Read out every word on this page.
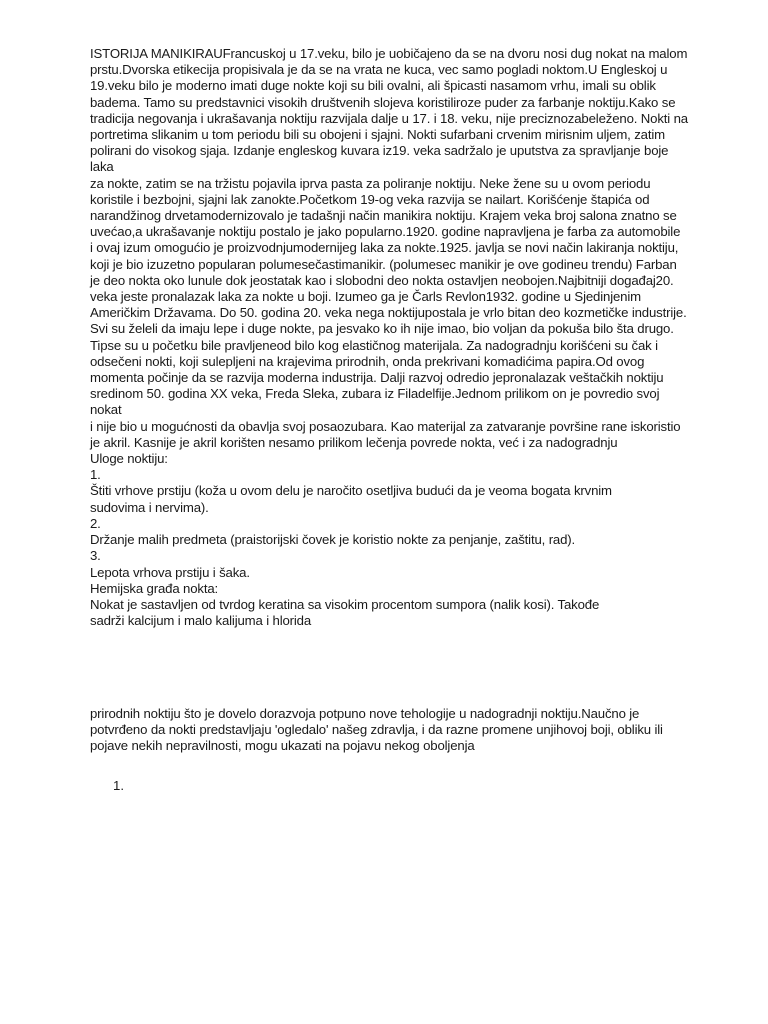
ISTORIJA MANIKIRAUFrancuskoj u 17.veku, bilo je uobičajeno da se na dvoru nosi dug nokat na malom
prstu.Dvorska etikecija propisivala je da se na vrata ne kuca, vec samo pogladi noktom.U Engleskoj u
19.veku bilo je moderno imati duge nokte koji su bili ovalni, ali špicasti nasamom vrhu, imali su oblik
badema. Tamo su predstavnici visokih društvenih slojeva koristiliroze puder za farbanje noktiju.Kako se
tradicija negovanja i ukrašavanja noktiju razvijala dalje u 17. i 18. veku, nije preciznozabeleženo. Nokti na
portretima slikanim u tom periodu bili su obojeni i sjajni. Nokti sufarbani crvenim mirisnim uljem, zatim
polirani do visokog sjaja. Izdanje engleskog kuvara iz19. veka sadržalo je uputstva za spravljanje boje laka
za nokte, zatim se na tržistu pojavila iprva pasta za poliranje noktiju. Neke žene su u ovom periodu
koristile i bezbojni, sjajni lak zanokte.Početkom 19-og veka razvija se nailart. Korišćenje štapića od
narandžinog drvetamodernizovalo je tadašnji način manikira noktiju. Krajem veka broj salona znatno se
uvećao,a ukrašavanje noktiju postalo je jako popularno.1920. godine napravljena je farba za automobile
i ovaj izum omogućio je proizvodnjumodernijeg laka za nokte.1925. javlja se novi način lakiranja noktiju,
koji je bio izuzetno popularan polumesečastimanikir. (polumesec manikir je ove godineu trendu) Farban
je deo nokta oko lunule dok jeostatak kao i slobodni deo nokta ostavljen neobojen.Najbitniji događaj20.
veka jeste pronalazak laka za nokte u boji. Izumeo ga je Čarls Revlon1932. godine u Sjedinjenim
Američkim Državama. Do 50. godina 20. veka nega noktijupostala je vrlo bitan deo kozmetičke industrije.
Svi su želeli da imaju lepe i duge nokte, pa jesvako ko ih nije imao, bio voljan da pokuša bilo šta drugo.
Tipse su u početku bile pravljeneod bilo kog elastičnog materijala. Za nadogradnju korišćeni su čak i
odsečeni nokti, koji sulepljeni na krajevima prirodnih, onda prekrivani komadićima papira.Od ovog
momenta počinje da se razvija moderna industrija. Dalji razvoj odredio jepronalazak veštačkih noktiju
sredinom 50. godina XX veka, Freda Sleka, zubara iz Filadelfije.Jednom prilikom on je povredio svoj nokat
i nije bio u mogućnosti da obavlja svoj posaozubara. Kao materijal za zatvaranje površine rane iskoristio
je akril. Kasnije je akril korišten nesamo prilikom lečenja povrede nokta, već i za nadogradnju
Uloge noktiju:
1.
Štiti vrhove prstiju (koža u ovom delu je naročito osetljiva budući da je veoma bogata krvnim
sudovima i nervima).
2.
Držanje malih predmeta (praistorijski čovek je koristio nokte za penjanje, zaštitu, rad).
3.
Lepota vrhova prstiju i šaka.
Hemijska građa nokta:
Nokat je sastavljen od tvrdog keratina sa visokim procentom sumpora (nalik kosi). Takođe
sadrži kalcijum i malo kalijuma i hlorida
prirodnih noktiju što je dovelo dorazvoja potpuno nove tehologije u nadogradnji noktiju.Naučno je
potvrđeno da nokti predstavljaju 'ogledalo' našeg zdravlja, i da razne promene unjihovoj boji, obliku ili
pojave nekih nepravilnosti, mogu ukazati na pojavu nekog oboljenja
1.
